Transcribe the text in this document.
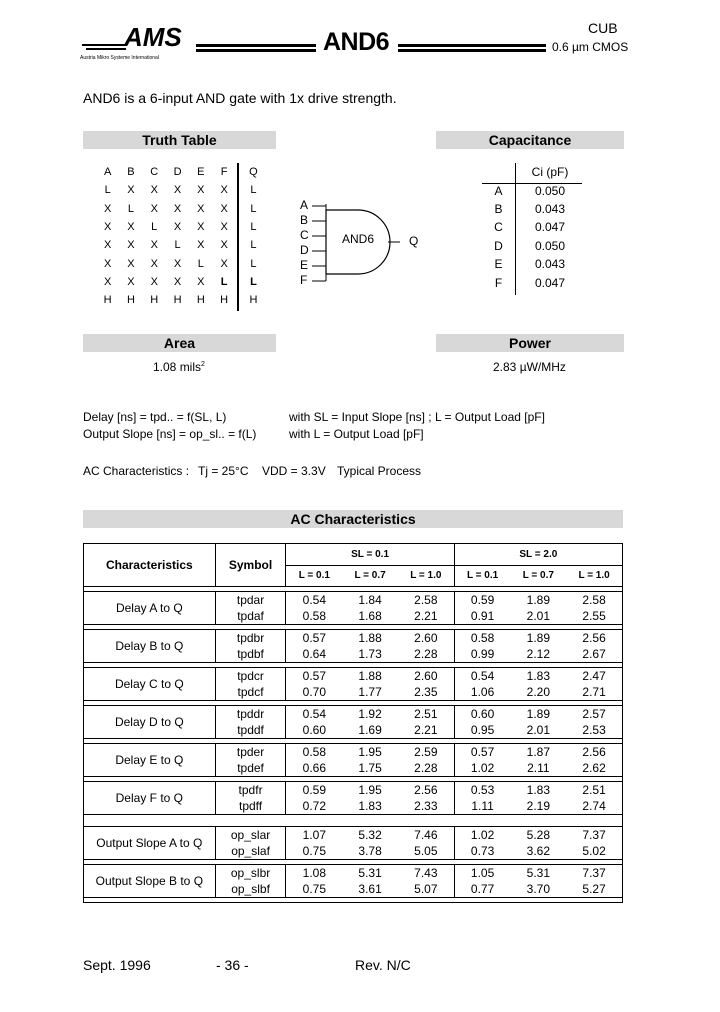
AMS
Austria Mikro Systeme International
AND6	CUB
0.6 µm CMOS
AND6 is a 6-input AND gate with 1x drive strength.
Truth Table
A	B	C	D	E	F	Q
L	X	X	X	X	X	L
X	L	X	X	X	X	L
X	X	L	X	X	X	L
X	X	X	L	X	X	L
X	X	X	X	L	X	L
X	X	X	X	X	L	L
H	H	H	H	H	H	H
A
B
C
D
E
F
AND6	Q
Capacitance
	Ci (pF)
A	0.050
B	0.043
C	0.047
D	0.050
E	0.043
F	0.047
Area
1.08 mils$^2$
Power
2.83 µW/MHz
Delay [ns] = tpd.. = f(SL, L)	with SL = Input Slope [ns] ; L = Output Load [pF]
Output Slope [ns] = op_sl.. = f(L)	with L = Output Load [pF]
AC Characteristics : Tj = 25°C VDD = 3.3V Typical Process
AC Characteristics
Characteristics	Symbol	SL = 0.1			SL = 2.0		
		L = 0.1	L = 0.7	L = 1.0	L = 0.1	L = 0.7	L = 1.0

Delay A to Q	tpdar	0.54	1.84	2.58	0.59	1.89	2.58
	tpdaf	0.58	1.68	2.21	0.91	2.01	2.55

Delay B to Q	tpdbr	0.57	1.88	2.60	0.58	1.89	2.56
	tpdbf	0.64	1.73	2.28	0.99	2.12	2.67

Delay C to Q	tpdcr	0.57	1.88	2.60	0.54	1.83	2.47
	tpdcf	0.70	1.77	2.35	1.06	2.20	2.71

Delay D to Q	tpddr	0.54	1.92	2.51	0.60	1.89	2.57
	tpddf	0.60	1.69	2.21	0.95	2.01	2.53

Delay E to Q	tpder	0.58	1.95	2.59	0.57	1.87	2.56
	tpdef	0.66	1.75	2.28	1.02	2.11	2.62

Delay F to Q	tpdfr	0.59	1.95	2.56	0.53	1.83	2.51
	tpdff	0.72	1.83	2.33	1.11	2.19	2.74

Output Slope A to Q	op_slar	1.07	5.32	7.46	1.02	5.28	7.37
	op_slaf	0.75	3.78	5.05	0.73	3.62	5.02

Output Slope B to Q	op_slbr	1.08	5.31	7.43	1.05	5.31	7.37
	op_slbf	0.75	3.61	5.07	0.77	3.70	5.27

Sept. 1996	- 36 -	Rev. N/C
